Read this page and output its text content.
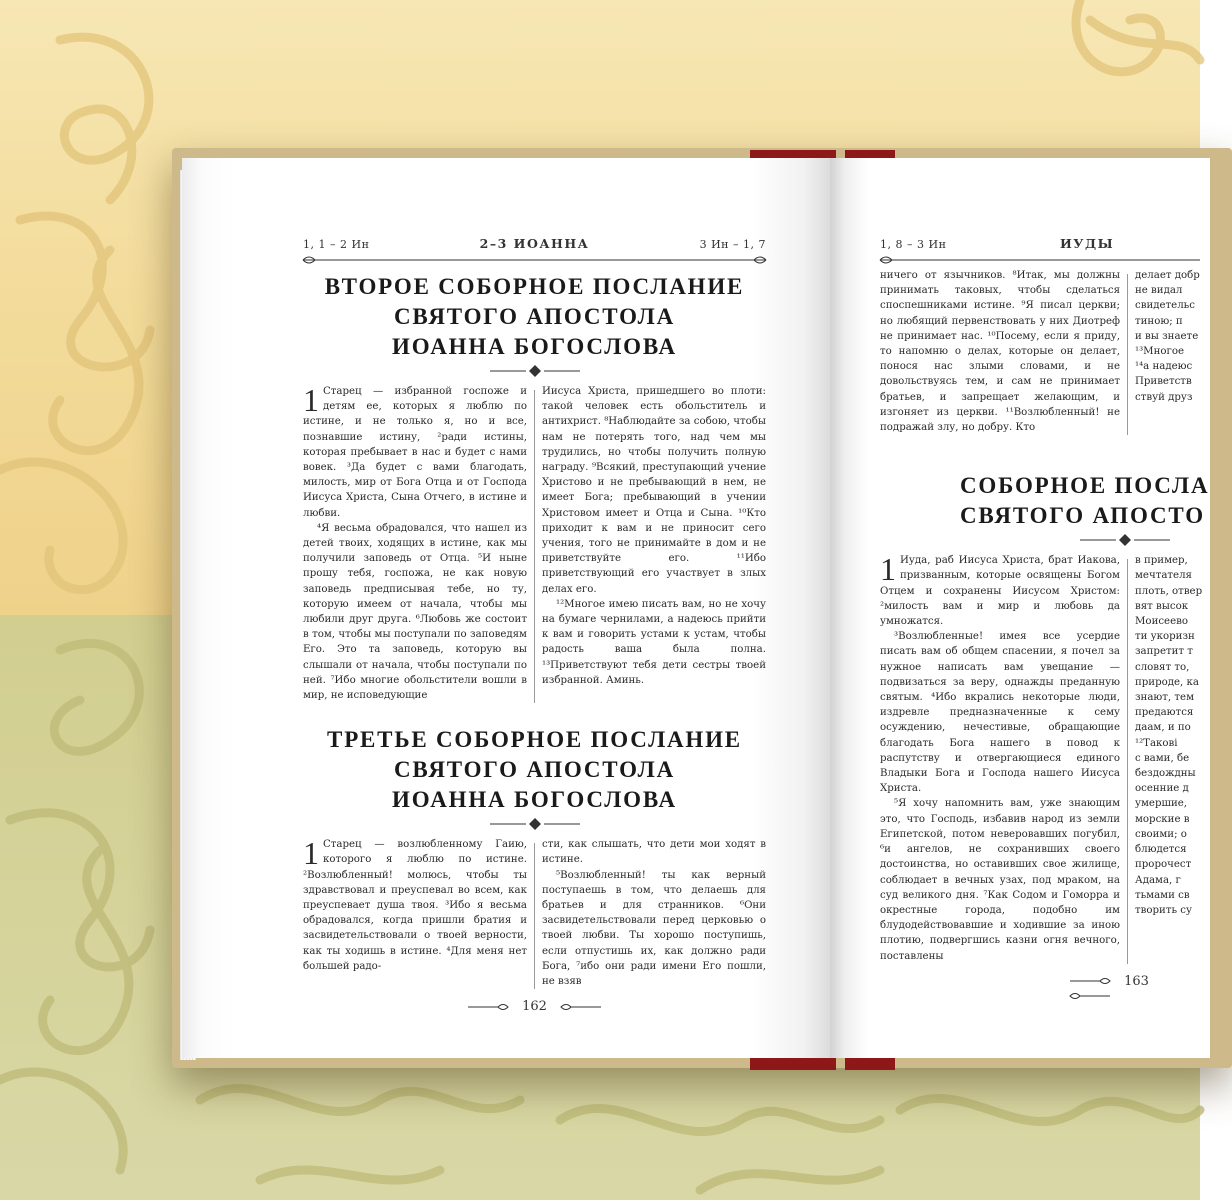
1, 1 – 2 Ин	2–3 ИОАННА	3 Ин – 1, 7
ВТОРОЕ СОБОРНОЕ ПОСЛАНИЕ
СВЯТОГО АПОСТОЛА
ИОАННА БОГОСЛОВА

1 Старец — избранной госпоже и детям ее, которых я люблю по истине, и не только я, но и все, познавшие истину, ²ради истины, которая пребывает в нас и будет с нами вовек. ³Да будет с вами благодать, милость, мир от Бога Отца и от Господа Иисуса Христа, Сына Отчего, в истине и любви.

⁴Я весьма обрадовался, что нашел из детей твоих, ходящих в истине, как мы получили заповедь от Отца. ⁵И ныне прошу тебя, госпожа, не как новую заповедь предписывая тебе, но ту, которую имеем от начала, чтобы мы любили друг друга. ⁶Любовь же состоит в том, чтобы мы поступали по заповедям Его. Это та заповедь, которую вы слышали от начала, чтобы поступали по ней. ⁷Ибо многие обольстители вошли в мир, не исповедующие

Иисуса Христа, пришедшего во плоти: такой человек есть обольститель и антихрист. ⁸Наблюдайте за собою, чтобы нам не потерять того, над чем мы трудились, но чтобы получить полную награду. ⁹Всякий, преступающий учение Христово и не пребывающий в нем, не имеет Бога; пребывающий в учении Христовом имеет и Отца и Сына. ¹⁰Кто приходит к вам и не приносит сего учения, того не принимайте в дом и не приветствуйте его. ¹¹Ибо приветствующий его участвует в злых делах его.

¹²Многое имею писать вам, но не хочу на бумаге чернилами, а надеюсь прийти к вам и говорить устами к устам, чтобы радость ваша была полна. ¹³Приветствуют тебя дети сестры твоей избранной. Аминь.

ТРЕТЬЕ СОБОРНОЕ ПОСЛАНИЕ
СВЯТОГО АПОСТОЛА
ИОАННА БОГОСЛОВА

1 Старец — возлюбленному Гаию, которого я люблю по истине. ²Возлюбленный! молюсь, чтобы ты здравствовал и преуспевал во всем, как преуспевает душа твоя. ³Ибо я весьма обрадовался, когда пришли братия и засвидетельствовали о твоей верности, как ты ходишь в истине. ⁴Для меня нет большей радо-

сти, как слышать, что дети мои ходят в истине.

⁵Возлюбленный! ты как верный поступаешь в том, что делаешь для братьев и для странников. ⁶Они засвидетельствовали перед церковью о твоей любви. Ты хорошо поступишь, если отпустишь их, как должно ради Бога, ⁷ибо они ради имени Его пошли, не взяв

162
1, 8 – 3 Ин	ИУДЫ

ничего от язычников. ⁸Итак, мы должны принимать таковых, чтобы сделаться споспешниками истине. ⁹Я писал церкви; но любящий первенствовать у них Диотреф не принимает нас. ¹⁰Посему, если я приду, то напомню о делах, которые он делает, понося нас злыми словами, и не довольствуясь тем, и сам не принимает братьев, и запрещает желающим, и изгоняет из церкви. ¹¹Возлюбленный! не подражай злу, но добру. Кто

делает добр
не видал
свидетельс
тиною; п
и вы знаете
¹³Многое
¹⁴а надеюс
Приветств
ствуй друз
СОБОРНОЕ ПОСЛА
СВЯТОГО АПОСТО

1 Иуда, раб Иисуса Христа, брат Иакова, призванным, которые освящены Богом Отцем и сохранены Иисусом Христом: ²милость вам и мир и любовь да умножатся.

³Возлюбленные! имея все усердие писать вам об общем спасении, я почел за нужное написать вам увещание — подвизаться за веру, однажды преданную святым. ⁴Ибо вкрались некоторые люди, издревле предназначенные к сему осуждению, нечестивые, обращающие благодать Бога нашего в повод к распутству и отвергающиеся единого Владыки Бога и Господа нашего Иисуса Христа.

⁵Я хочу напомнить вам, уже знающим это, что Господь, избавив народ из земли Египетской, потом неверовавших погубил, ⁶и ангелов, не сохранивших своего достоинства, но оставивших свое жилище, соблюдает в вечных узах, под мраком, на суд великого дня. ⁷Как Содом и Гоморра и окрестные города, подобно им блудодействовавшие и ходившие за иною плотию, подвергшись казни огня вечного, поставлены

в пример,
мечтателя
плоть, отвер
вят высок
Моисеево
ти укоризн
запретит т
словят то,
природе, ка
знают, тем
предаются
даам, и по
¹²Такові
с вами, бе
бездождны
осенние д
умершие,
морские в
своими; о
блюдется
пророчест
Адама, г
тьмами св
творить су
163
